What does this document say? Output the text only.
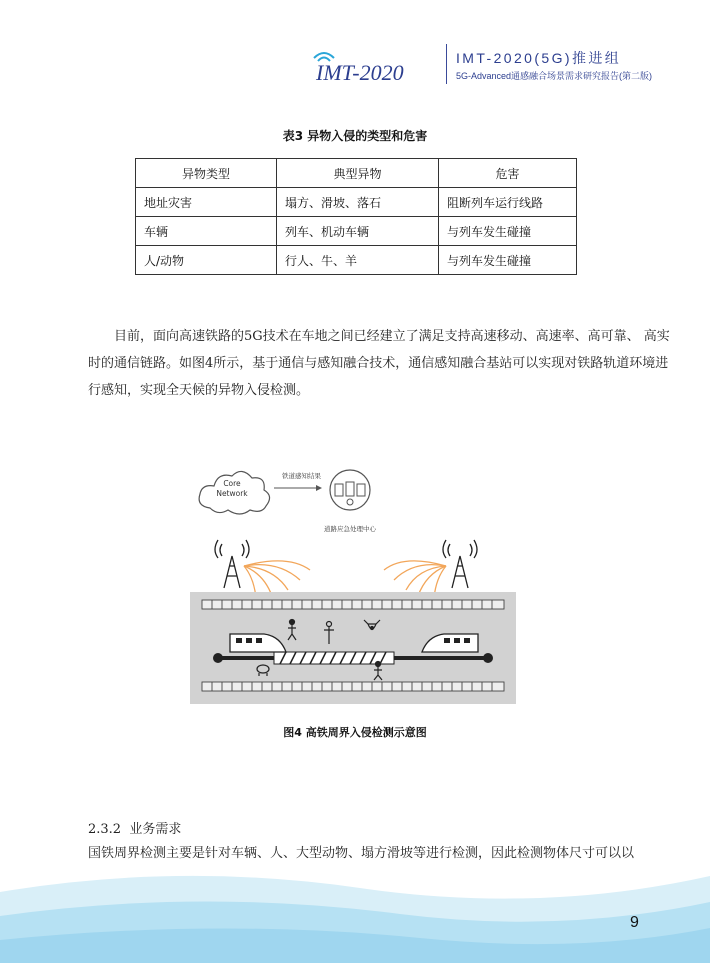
IMT-2020
IMT-2020(5G)推进组
5G-Advanced通感融合场景需求研究报告(第二版)
表3 异物入侵的类型和危害
异物类型	典型异物	危害
地址灾害	塌方、滑坡、落石	阻断列车运行线路
车辆	列车、机动车辆	与列车发生碰撞
人/动物	行人、牛、羊	与列车发生碰撞
目前，面向高速铁路的5G技术在车地之间已经建立了满足支持高速移动、高速率、高可靠、 高实
时的通信链路。如图4所示，基于通信与感知融合技术，通信感知融合基站可以实现对铁路轨道环境进
行感知，实现全天候的异物入侵检测。
Core
Network
铁道感知结果
道路应急处理中心
图4 高铁周界入侵检测示意图
2.3.2 业务需求
国铁周界检测主要是针对车辆、人、大型动物、塌方滑坡等进行检测，因此检测物体尺寸可以以
9
